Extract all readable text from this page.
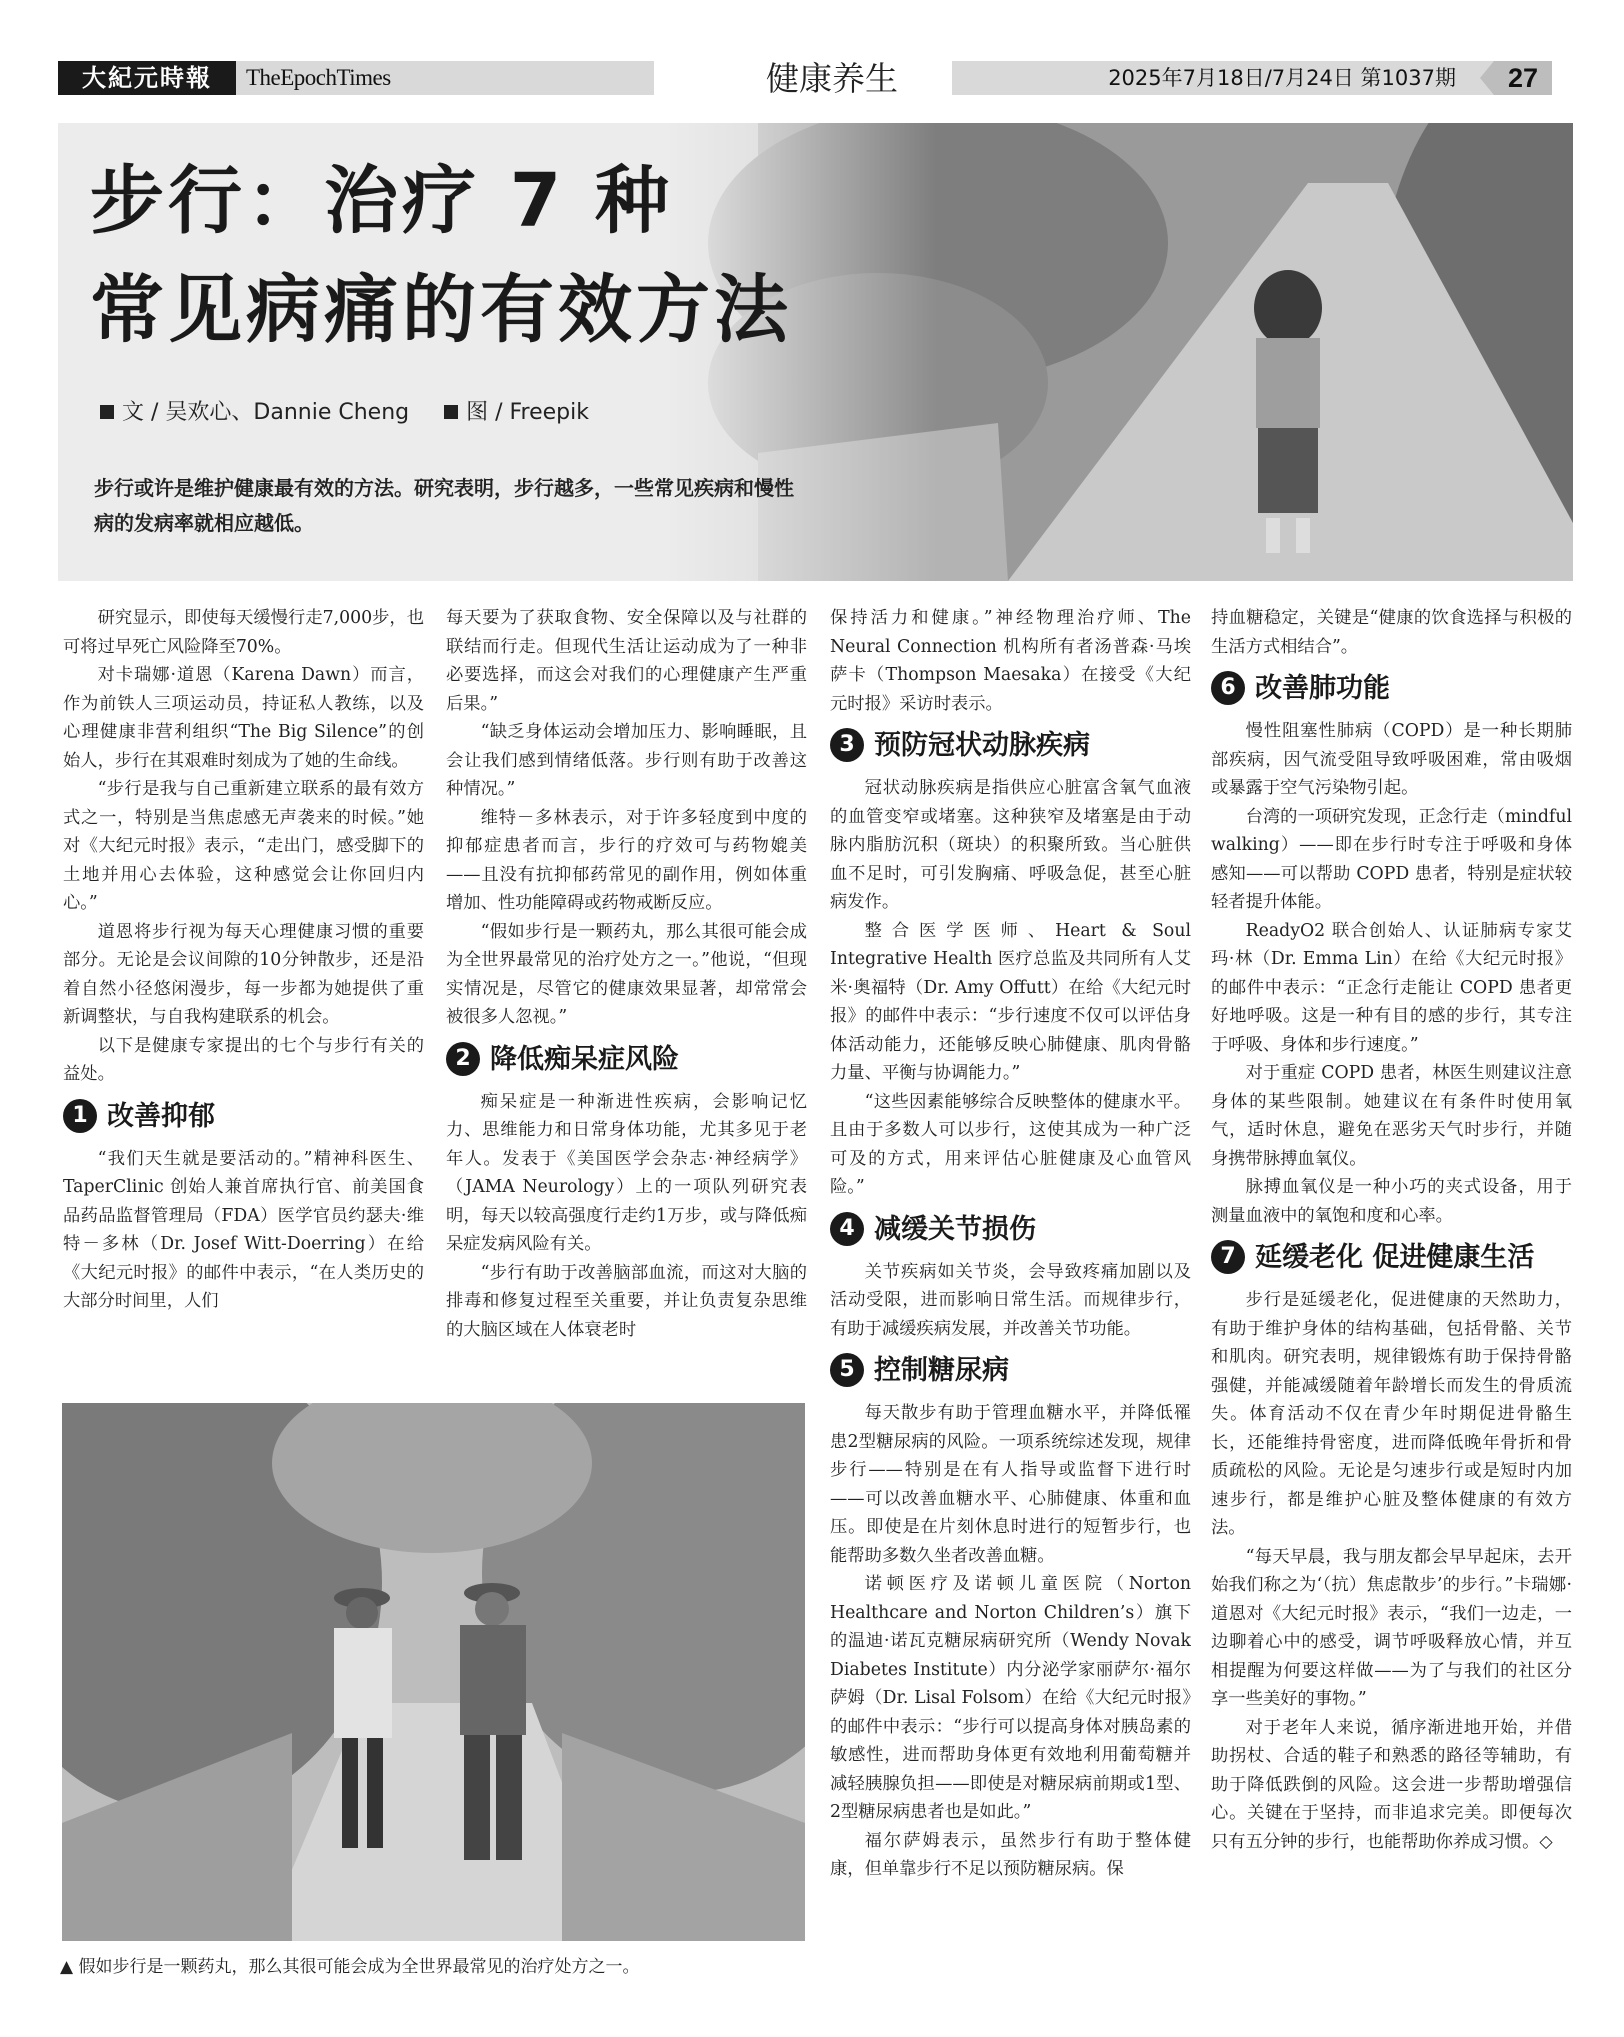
大紀元時報	TheEpochTimes	健康养生	2025年7月18日/7月24日 第1037期	27
步行：治疗 7 种
常见病痛的有效方法
文 / 吴欢心、Dannie Cheng	图 / Freepik
步行或许是维护健康最有效的方法。研究表明，步行越多，一些常见疾病和慢性病的发病率就相应越低。

研究显示，即使每天缓慢行走7,000步，也可将过早死亡风险降至70%。

对卡瑞娜·道恩（Karena Dawn）而言，作为前铁人三项运动员，持证私人教练，以及心理健康非营利组织“The Big Silence”的创始人，步行在其艰难时刻成为了她的生命线。

“步行是我与自己重新建立联系的最有效方式之一，特别是当焦虑感无声袭来的时候。”她对《大纪元时报》表示，“走出门，感受脚下的土地并用心去体验，这种感觉会让你回归内心。”

道恩将步行视为每天心理健康习惯的重要部分。无论是会议间隙的10分钟散步，还是沿着自然小径悠闲漫步，每一步都为她提供了重新调整状，与自我构建联系的机会。

以下是健康专家提出的七个与步行有关的益处。

1 改善抑郁

“我们天生就是要活动的。”精神科医生、TaperClinic 创始人兼首席执行官、前美国食品药品监督管理局（FDA）医学官员约瑟夫·维特－多林（Dr. Josef Witt-Doerring）在给《大纪元时报》的邮件中表示，“在人类历史的大部分时间里，人们

每天要为了获取食物、安全保障以及与社群的联结而行走。但现代生活让运动成为了一种非必要选择，而这会对我们的心理健康产生严重后果。”

“缺乏身体运动会增加压力、影响睡眠，且会让我们感到情绪低落。步行则有助于改善这种情况。”

维特－多林表示，对于许多轻度到中度的抑郁症患者而言，步行的疗效可与药物媲美——且没有抗抑郁药常见的副作用，例如体重增加、性功能障碍或药物戒断反应。

“假如步行是一颗药丸，那么其很可能会成为全世界最常见的治疗处方之一。”他说，“但现实情况是，尽管它的健康效果显著，却常常会被很多人忽视。”

2 降低痴呆症风险

痴呆症是一种渐进性疾病，会影响记忆力、思维能力和日常身体功能，尤其多见于老年人。发表于《美国医学会杂志·神经病学》（JAMA Neurology）上的一项队列研究表明，每天以较高强度行走约1万步，或与降低痴呆症发病风险有关。

“步行有助于改善脑部血流，而这对大脑的排毒和修复过程至关重要，并让负责复杂思维的大脑区域在人体衰老时

保持活力和健康。”神经物理治疗师、The Neural Connection 机构所有者汤普森·马埃萨卡（Thompson Maesaka）在接受《大纪元时报》采访时表示。

3 预防冠状动脉疾病

冠状动脉疾病是指供应心脏富含氧气血液的血管变窄或堵塞。这种狭窄及堵塞是由于动脉内脂肪沉积（斑块）的积聚所致。当心脏供血不足时，可引发胸痛、呼吸急促，甚至心脏病发作。

整合医学医师、Heart & Soul Integrative Health 医疗总监及共同所有人艾米·奥福特（Dr. Amy Offutt）在给《大纪元时报》的邮件中表示：“步行速度不仅可以评估身体活动能力，还能够反映心肺健康、肌肉骨骼力量、平衡与协调能力。”

“这些因素能够综合反映整体的健康水平。且由于多数人可以步行，这使其成为一种广泛可及的方式，用来评估心脏健康及心血管风险。”

4 减缓关节损伤

关节疾病如关节炎，会导致疼痛加剧以及活动受限，进而影响日常生活。而规律步行，有助于减缓疾病发展，并改善关节功能。

5 控制糖尿病

每天散步有助于管理血糖水平，并降低罹患2型糖尿病的风险。一项系统综述发现，规律步行——特别是在有人指导或监督下进行时——可以改善血糖水平、心肺健康、体重和血压。即使是在片刻休息时进行的短暂步行，也能帮助多数久坐者改善血糖。

诺顿医疗及诺顿儿童医院（Norton Healthcare and Norton Children’s）旗下的温迪·诺瓦克糖尿病研究所（Wendy Novak Diabetes Institute）内分泌学家丽萨尔·福尔萨姆（Dr. Lisal Folsom）在给《大纪元时报》的邮件中表示：“步行可以提高身体对胰岛素的敏感性，进而帮助身体更有效地利用葡萄糖并减轻胰腺负担——即使是对糖尿病前期或1型、2型糖尿病患者也是如此。”

福尔萨姆表示，虽然步行有助于整体健康，但单靠步行不足以预防糖尿病。保

持血糖稳定，关键是“健康的饮食选择与积极的生活方式相结合”。

6 改善肺功能

慢性阻塞性肺病（COPD）是一种长期肺部疾病，因气流受阻导致呼吸困难，常由吸烟或暴露于空气污染物引起。

台湾的一项研究发现，正念行走（mindful walking）——即在步行时专注于呼吸和身体感知——可以帮助 COPD 患者，特别是症状较轻者提升体能。

ReadyO2 联合创始人、认证肺病专家艾玛·林（Dr. Emma Lin）在给《大纪元时报》的邮件中表示：“正念行走能让 COPD 患者更好地呼吸。这是一种有目的感的步行，其专注于呼吸、身体和步行速度。”

对于重症 COPD 患者，林医生则建议注意身体的某些限制。她建议在有条件时使用氧气，适时休息，避免在恶劣天气时步行，并随身携带脉搏血氧仪。

脉搏血氧仪是一种小巧的夹式设备，用于测量血液中的氧饱和度和心率。

7 延缓老化 促进健康生活

步行是延缓老化，促进健康的天然助力，有助于维护身体的结构基础，包括骨骼、关节和肌肉。研究表明，规律锻炼有助于保持骨骼强健，并能减缓随着年龄增长而发生的骨质流失。体育活动不仅在青少年时期促进骨骼生长，还能维持骨密度，进而降低晚年骨折和骨质疏松的风险。无论是匀速步行或是短时内加速步行，都是维护心脏及整体健康的有效方法。

“每天早晨，我与朋友都会早早起床，去开始我们称之为‘（抗）焦虑散步’的步行。”卡瑞娜·道恩对《大纪元时报》表示，“我们一边走，一边聊着心中的感受，调节呼吸释放心情，并互相提醒为何要这样做——为了与我们的社区分享一些美好的事物。”

对于老年人来说，循序渐进地开始，并借助拐杖、合适的鞋子和熟悉的路径等辅助，有助于降低跌倒的风险。这会进一步帮助增强信心。关键在于坚持，而非追求完美。即便每次只有五分钟的步行，也能帮助你养成习惯。◇

▲ 假如步行是一颗药丸，那么其很可能会成为全世界最常见的治疗处方之一。
